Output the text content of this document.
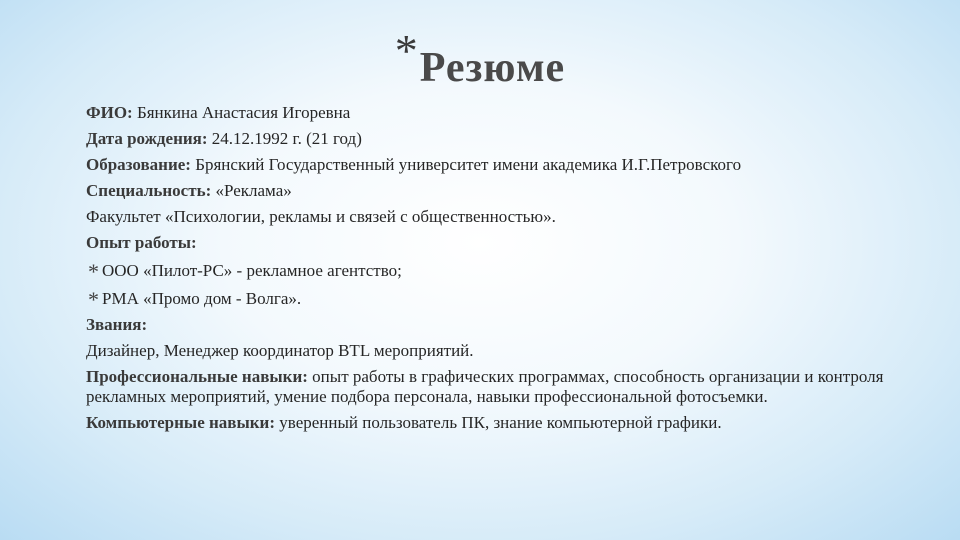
*Резюме
ФИО: Бянкина Анастасия Игоревна
Дата рождения: 24.12.1992 г. (21 год)
Образование: Брянский Государственный университет имени академика И.Г.Петровского
Специальность: «Реклама»
Факультет «Психологии, рекламы и связей с общественностью».
Опыт работы:
* ООО «Пилот-РС» - рекламное агентство;
* РМА «Промо дом - Волга».
Звания:
Дизайнер, Менеджер координатор BTL мероприятий.
Профессиональные навыки: опыт работы в графических программах, способность организации и контроля рекламных мероприятий, умение подбора персонала, навыки профессиональной фотосъемки.
Компьютерные навыки: уверенный пользователь ПК, знание компьютерной графики.
